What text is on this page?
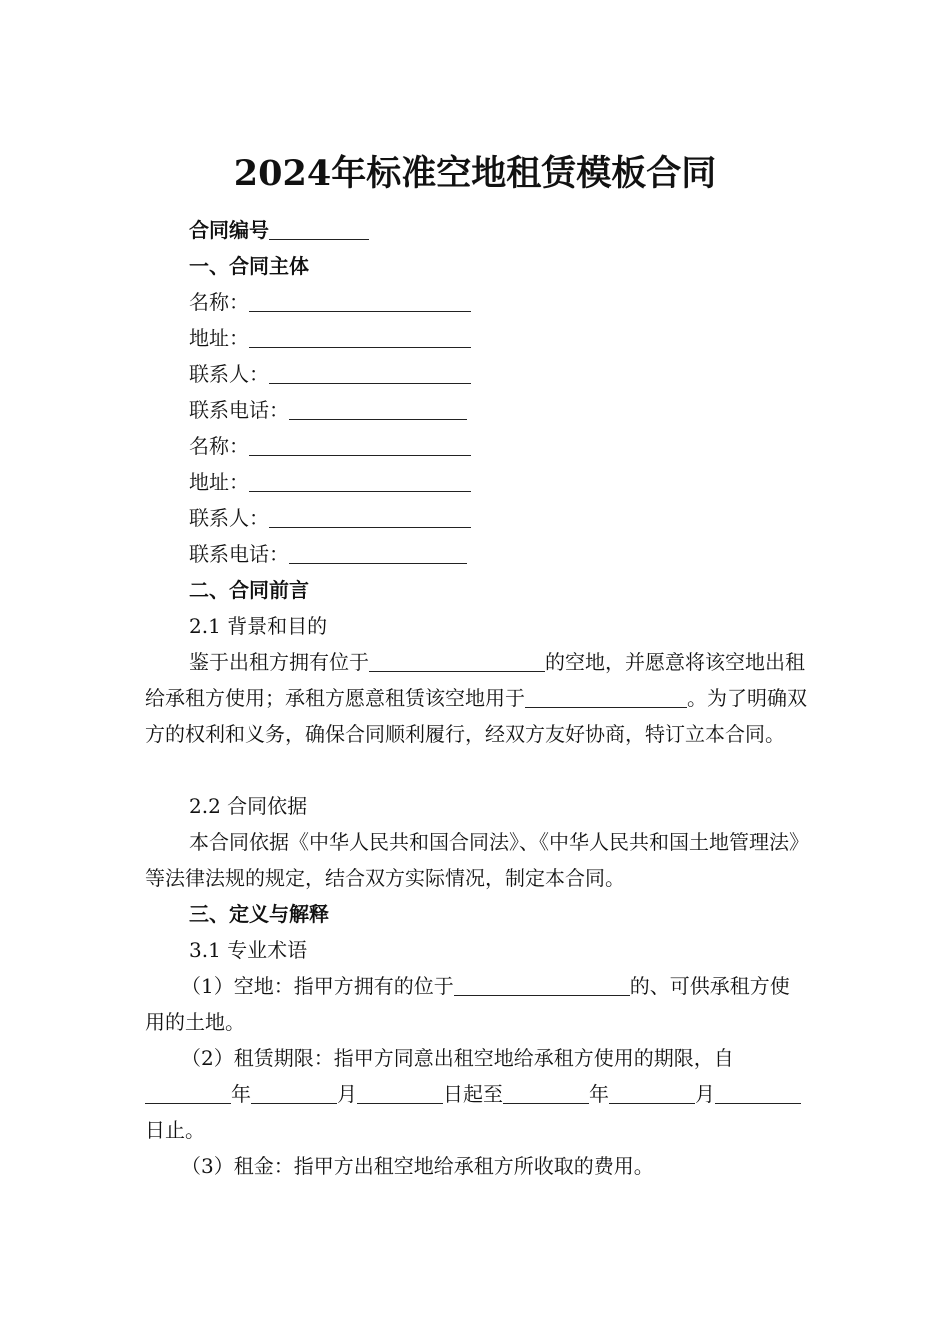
2024年标准空地租赁模板合同
合同编号
一、合同主体
名称：
地址：
联系人：
联系电话：
名称：
地址：
联系人：
联系电话：
二、合同前言
2.1 背景和目的
鉴于出租方拥有位于	的空地，并愿意将该空地出租给承租方使用；承租方愿意租赁该空地用于	。为了明确双方的权利和义务，确保合同顺利履行，经双方友好协商，特订立本合同。
2.2 合同依据
本合同依据《中华人民共和国合同法》、《中华人民共和国土地管理法》等法律法规的规定，结合双方实际情况，制定本合同。
三、定义与解释
3.1 专业术语
（1）空地：指甲方拥有的位于	的、可供承租方使用的土地。
（2）租赁期限：指甲方同意出租空地给承租方使用的期限，自年	月	日起至	年	月日止。
（3）租金：指甲方出租空地给承租方所收取的费用。
